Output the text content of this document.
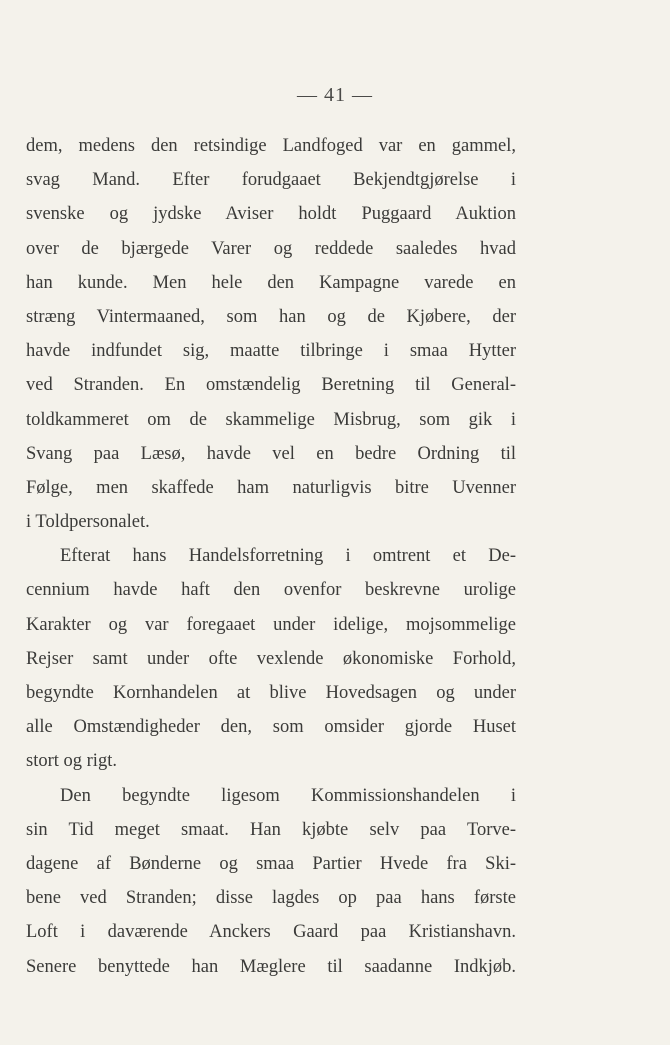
— 41 —
dem, medens den retsindige Landfoged var en gammel,
svag Mand. Efter forudgaaet Bekjendtgjørelse i
svenske og jydske Aviser holdt Puggaard Auktion
over de bjærgede Varer og reddede saaledes hvad
han kunde. Men hele den Kampagne varede en
stræng Vintermaaned, som han og de Kjøbere, der
havde indfundet sig, maatte tilbringe i smaa Hytter
ved Stranden. En omstændelig Beretning til General-
toldkammeret om de skammelige Misbrug, som gik i
Svang paa Læsø, havde vel en bedre Ordning til
Følge, men skaffede ham naturligvis bitre Uvenner
i Toldpersonalet.
Efterat hans Handelsforretning i omtrent et De-
cennium havde haft den ovenfor beskrevne urolige
Karakter og var foregaaet under idelige, mojsommelige
Rejser samt under ofte vexlende økonomiske Forhold,
begyndte Kornhandelen at blive Hovedsagen og under
alle Omstændigheder den, som omsider gjorde Huset
stort og rigt.
Den begyndte ligesom Kommissionshandelen i
sin Tid meget smaat. Han kjøbte selv paa Torve-
dagene af Bønderne og smaa Partier Hvede fra Ski-
bene ved Stranden; disse lagdes op paa hans første
Loft i daværende Anckers Gaard paa Kristianshavn.
Senere benyttede han Mæglere til saadanne Indkjøb.
